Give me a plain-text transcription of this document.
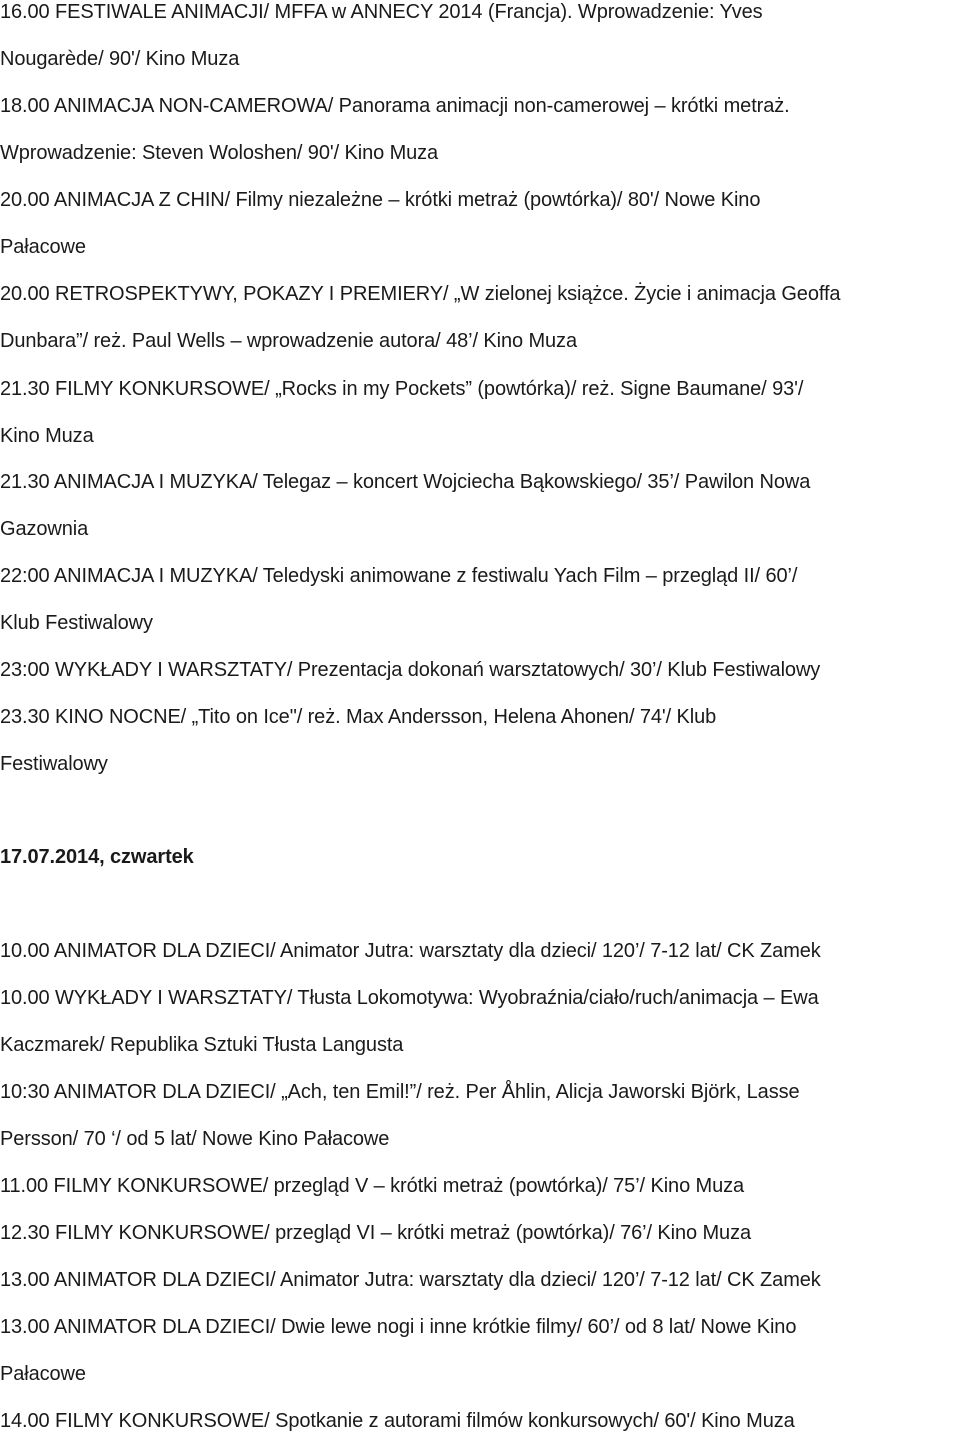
16.00 FESTIWALE ANIMACJI/ MFFA w ANNECY 2014 (Francja). Wprowadzenie: Yves
Nougarède/ 90'/ Kino Muza
18.00 ANIMACJA NON-CAMEROWA/ Panorama animacji non-camerowej – krótki metraż.
Wprowadzenie: Steven Woloshen/ 90'/ Kino Muza
20.00 ANIMACJA Z CHIN/ Filmy niezależne – krótki metraż (powtórka)/ 80'/ Nowe Kino
Pałacowe
20.00 RETROSPEKTYWY, POKAZY I PREMIERY/ „W zielonej książce. Życie i animacja Geoffa
Dunbara”/ reż. Paul Wells – wprowadzenie autora/ 48’/ Kino Muza
21.30 FILMY KONKURSOWE/ „Rocks in my Pockets” (powtórka)/ reż. Signe Baumane/ 93'/
Kino Muza
21.30 ANIMACJA I MUZYKA/ Telegaz – koncert Wojciecha Bąkowskiego/ 35’/ Pawilon Nowa
Gazownia
22:00 ANIMACJA I MUZYKA/ Teledyski animowane z festiwalu Yach Film – przegląd II/ 60’/
Klub Festiwalowy
23:00 WYKŁADY I WARSZTATY/ Prezentacja dokonań warsztatowych/ 30’/ Klub Festiwalowy
23.30 KINO NOCNE/ „Tito on Ice"/ reż. Max Andersson, Helena Ahonen/ 74'/ Klub
Festiwalowy
17.07.2014, czwartek
10.00 ANIMATOR DLA DZIECI/ Animator Jutra: warsztaty dla dzieci/ 120’/ 7-12 lat/ CK Zamek
10.00 WYKŁADY I WARSZTATY/ Tłusta Lokomotywa: Wyobraźnia/ciało/ruch/animacja – Ewa
Kaczmarek/ Republika Sztuki Tłusta Langusta
10:30 ANIMATOR DLA DZIECI/ „Ach, ten Emil!”/ reż. Per Åhlin, Alicja Jaworski Björk, Lasse
Persson/ 70 ‘/ od 5 lat/ Nowe Kino Pałacowe
11.00 FILMY KONKURSOWE/ przegląd V – krótki metraż (powtórka)/ 75’/ Kino Muza
12.30 FILMY KONKURSOWE/ przegląd VI – krótki metraż (powtórka)/ 76’/ Kino Muza
13.00 ANIMATOR DLA DZIECI/ Animator Jutra: warsztaty dla dzieci/ 120’/ 7-12 lat/ CK Zamek
13.00 ANIMATOR DLA DZIECI/ Dwie lewe nogi i inne krótkie filmy/ 60’/ od 8 lat/ Nowe Kino
Pałacowe
14.00 FILMY KONKURSOWE/ Spotkanie z autorami filmów konkursowych/ 60'/ Kino Muza
